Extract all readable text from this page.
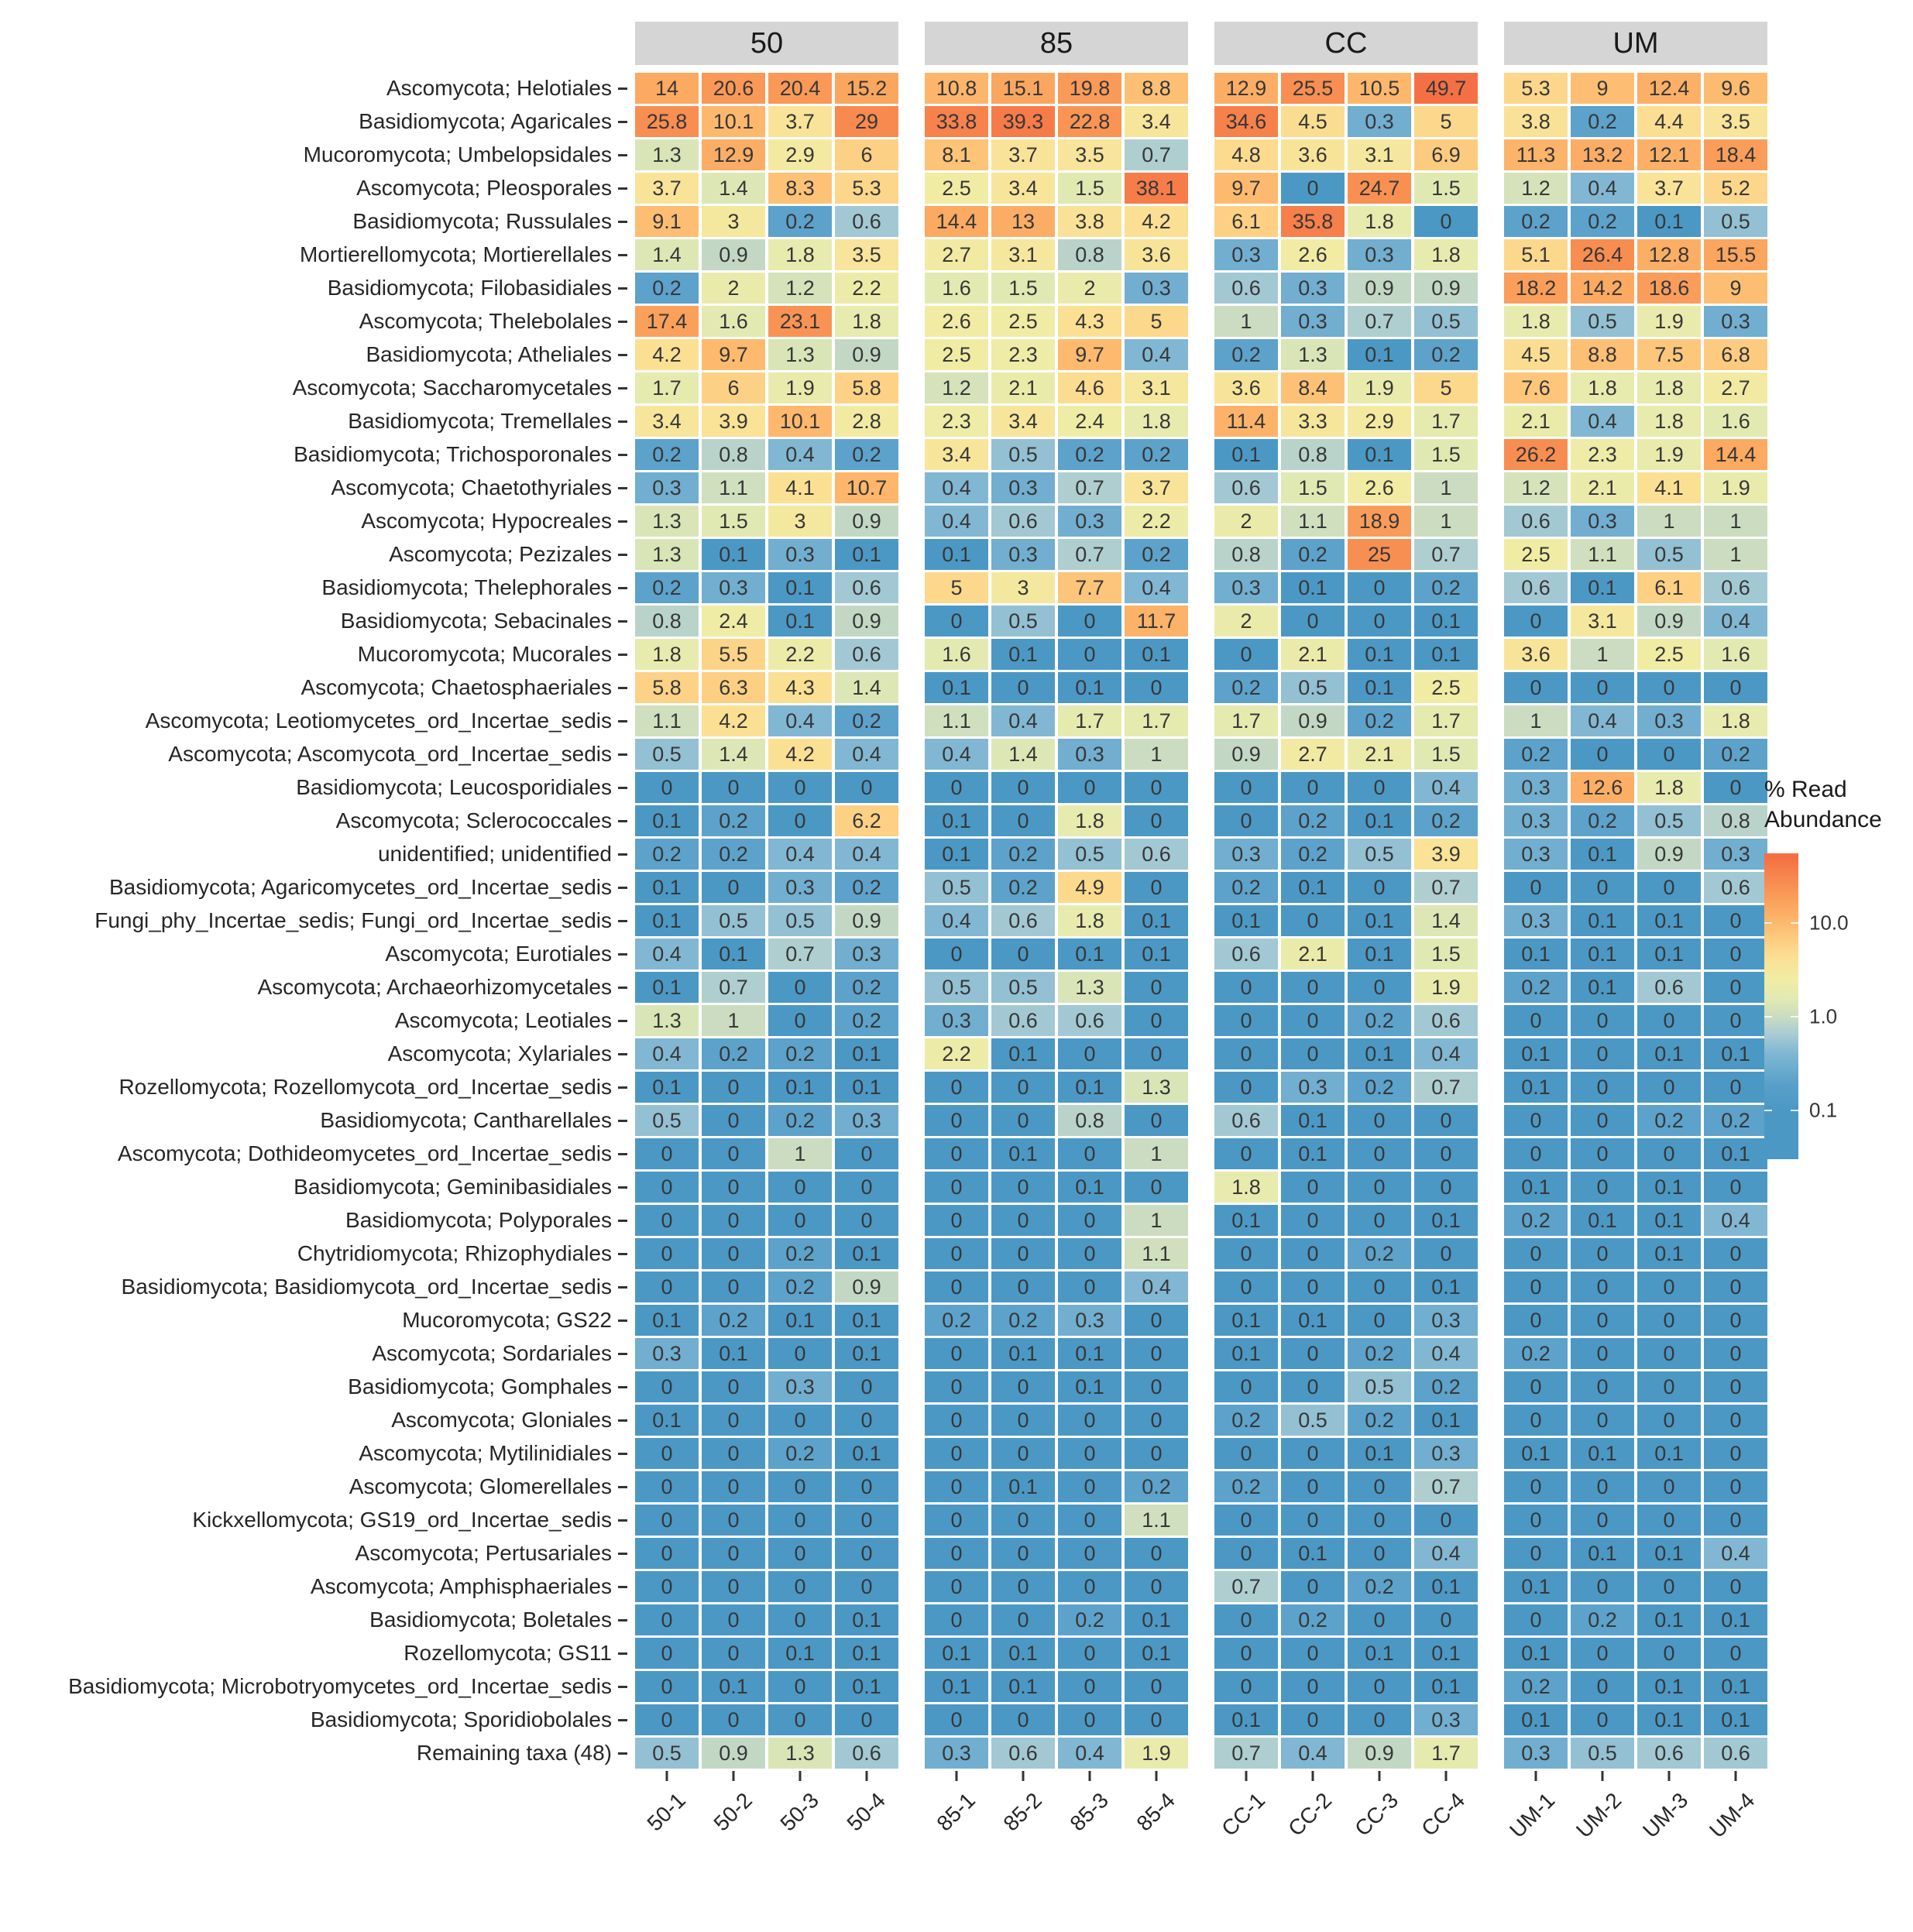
50	85	CC	UM
Ascomycota; Helotiales	14	20.6	20.4	15.2	10.8	15.1	19.8	8.8	12.9	25.5	10.5	49.7	5.3	9	12.4	9.6
Basidiomycota; Agaricales	25.8	10.1	3.7	29	33.8	39.3	22.8	3.4	34.6	4.5	0.3	5	3.8	0.2	4.4	3.5
Mucoromycota; Umbelopsidales	1.3	12.9	2.9	6	8.1	3.7	3.5	0.7	4.8	3.6	3.1	6.9	11.3	13.2	12.1	18.4
Ascomycota; Pleosporales	3.7	1.4	8.3	5.3	2.5	3.4	1.5	38.1	9.7	0	24.7	1.5	1.2	0.4	3.7	5.2
Basidiomycota; Russulales	9.1	3	0.2	0.6	14.4	13	3.8	4.2	6.1	35.8	1.8	0	0.2	0.2	0.1	0.5
Mortierellomycota; Mortierellales	1.4	0.9	1.8	3.5	2.7	3.1	0.8	3.6	0.3	2.6	0.3	1.8	5.1	26.4	12.8	15.5
Basidiomycota; Filobasidiales	0.2	2	1.2	2.2	1.6	1.5	2	0.3	0.6	0.3	0.9	0.9	18.2	14.2	18.6	9
Ascomycota; Thelebolales	17.4	1.6	23.1	1.8	2.6	2.5	4.3	5	1	0.3	0.7	0.5	1.8	0.5	1.9	0.3
Basidiomycota; Atheliales	4.2	9.7	1.3	0.9	2.5	2.3	9.7	0.4	0.2	1.3	0.1	0.2	4.5	8.8	7.5	6.8
Ascomycota; Saccharomycetales	1.7	6	1.9	5.8	1.2	2.1	4.6	3.1	3.6	8.4	1.9	5	7.6	1.8	1.8	2.7
Basidiomycota; Tremellales	3.4	3.9	10.1	2.8	2.3	3.4	2.4	1.8	11.4	3.3	2.9	1.7	2.1	0.4	1.8	1.6
Basidiomycota; Trichosporonales	0.2	0.8	0.4	0.2	3.4	0.5	0.2	0.2	0.1	0.8	0.1	1.5	26.2	2.3	1.9	14.4
Ascomycota; Chaetothyriales	0.3	1.1	4.1	10.7	0.4	0.3	0.7	3.7	0.6	1.5	2.6	1	1.2	2.1	4.1	1.9
Ascomycota; Hypocreales	1.3	1.5	3	0.9	0.4	0.6	0.3	2.2	2	1.1	18.9	1	0.6	0.3	1	1
Ascomycota; Pezizales	1.3	0.1	0.3	0.1	0.1	0.3	0.7	0.2	0.8	0.2	25	0.7	2.5	1.1	0.5	1
Basidiomycota; Thelephorales	0.2	0.3	0.1	0.6	5	3	7.7	0.4	0.3	0.1	0	0.2	0.6	0.1	6.1	0.6
Basidiomycota; Sebacinales	0.8	2.4	0.1	0.9	0	0.5	0	11.7	2	0	0	0.1	0	3.1	0.9	0.4
Mucoromycota; Mucorales	1.8	5.5	2.2	0.6	1.6	0.1	0	0.1	0	2.1	0.1	0.1	3.6	1	2.5	1.6
Ascomycota; Chaetosphaeriales	5.8	6.3	4.3	1.4	0.1	0	0.1	0	0.2	0.5	0.1	2.5	0	0	0	0
Ascomycota; Leotiomycetes_ord_Incertae_sedis	1.1	4.2	0.4	0.2	1.1	0.4	1.7	1.7	1.7	0.9	0.2	1.7	1	0.4	0.3	1.8
Ascomycota; Ascomycota_ord_Incertae_sedis	0.5	1.4	4.2	0.4	0.4	1.4	0.3	1	0.9	2.7	2.1	1.5	0.2	0	0	0.2
Basidiomycota; Leucosporidiales	0	0	0	0	0	0	0	0	0	0	0	0.4	0.3	12.6	1.8	0
Ascomycota; Sclerococcales	0.1	0.2	0	6.2	0.1	0	1.8	0	0	0.2	0.1	0.2	0.3	0.2	0.5	0.8
unidentified; unidentified	0.2	0.2	0.4	0.4	0.1	0.2	0.5	0.6	0.3	0.2	0.5	3.9	0.3	0.1	0.9	0.3
Basidiomycota; Agaricomycetes_ord_Incertae_sedis	0.1	0	0.3	0.2	0.5	0.2	4.9	0	0.2	0.1	0	0.7	0	0	0	0.6
Fungi_phy_Incertae_sedis; Fungi_ord_Incertae_sedis	0.1	0.5	0.5	0.9	0.4	0.6	1.8	0.1	0.1	0	0.1	1.4	0.3	0.1	0.1	0
Ascomycota; Eurotiales	0.4	0.1	0.7	0.3	0	0	0.1	0.1	0.6	2.1	0.1	1.5	0.1	0.1	0.1	0
Ascomycota; Archaeorhizomycetales	0.1	0.7	0	0.2	0.5	0.5	1.3	0	0	0	0	1.9	0.2	0.1	0.6	0
Ascomycota; Leotiales	1.3	1	0	0.2	0.3	0.6	0.6	0	0	0	0.2	0.6	0	0	0	0
Ascomycota; Xylariales	0.4	0.2	0.2	0.1	2.2	0.1	0	0	0	0	0.1	0.4	0.1	0	0.1	0.1
Rozellomycota; Rozellomycota_ord_Incertae_sedis	0.1	0	0.1	0.1	0	0	0.1	1.3	0	0.3	0.2	0.7	0.1	0	0	0
Basidiomycota; Cantharellales	0.5	0	0.2	0.3	0	0	0.8	0	0.6	0.1	0	0	0	0	0.2	0.2
Ascomycota; Dothideomycetes_ord_Incertae_sedis	0	0	1	0	0	0.1	0	1	0	0.1	0	0	0	0	0	0.1
Basidiomycota; Geminibasidiales	0	0	0	0	0	0	0.1	0	1.8	0	0	0	0.1	0	0.1	0
Basidiomycota; Polyporales	0	0	0	0	0	0	0	1	0.1	0	0	0.1	0.2	0.1	0.1	0.4
Chytridiomycota; Rhizophydiales	0	0	0.2	0.1	0	0	0	1.1	0	0	0.2	0	0	0	0.1	0
Basidiomycota; Basidiomycota_ord_Incertae_sedis	0	0	0.2	0.9	0	0	0	0.4	0	0	0	0.1	0	0	0	0
Mucoromycota; GS22	0.1	0.2	0.1	0.1	0.2	0.2	0.3	0	0.1	0.1	0	0.3	0	0	0	0
Ascomycota; Sordariales	0.3	0.1	0	0.1	0	0.1	0.1	0	0.1	0	0.2	0.4	0.2	0	0	0
Basidiomycota; Gomphales	0	0	0.3	0	0	0	0.1	0	0	0	0.5	0.2	0	0	0	0
Ascomycota; Gloniales	0.1	0	0	0	0	0	0	0	0.2	0.5	0.2	0.1	0	0	0	0
Ascomycota; Mytilinidiales	0	0	0.2	0.1	0	0	0	0	0	0	0.1	0.3	0.1	0.1	0.1	0
Ascomycota; Glomerellales	0	0	0	0	0	0.1	0	0.2	0.2	0	0	0.7	0	0	0	0
Kickxellomycota; GS19_ord_Incertae_sedis	0	0	0	0	0	0	0	1.1	0	0	0	0	0	0	0	0
Ascomycota; Pertusariales	0	0	0	0	0	0	0	0	0	0.1	0	0.4	0	0.1	0.1	0.4
Ascomycota; Amphisphaeriales	0	0	0	0	0	0	0	0	0.7	0	0.2	0.1	0.1	0	0	0
Basidiomycota; Boletales	0	0	0	0.1	0	0	0.2	0.1	0	0.2	0	0	0	0.2	0.1	0.1
Rozellomycota; GS11	0	0	0.1	0.1	0.1	0.1	0	0.1	0	0	0.1	0.1	0.1	0	0	0
Basidiomycota; Microbotryomycetes_ord_Incertae_sedis	0	0.1	0	0.1	0.1	0.1	0	0	0	0	0	0.1	0.2	0	0.1	0.1
Basidiomycota; Sporidiobolales	0	0	0	0	0	0	0	0	0.1	0	0	0.3	0.1	0	0.1	0.1
Remaining taxa (48)	0.5	0.9	1.3	0.6	0.3	0.6	0.4	1.9	0.7	0.4	0.9	1.7	0.3	0.5	0.6	0.6
50-1 50-2 50-3 50-4 85-1 85-2 85-3 85-4 CC-1 CC-2 CC-3 CC-4 UM-1 UM-2 UM-3 UM-4
% Read Abundance
10.0
1.0
0.1
